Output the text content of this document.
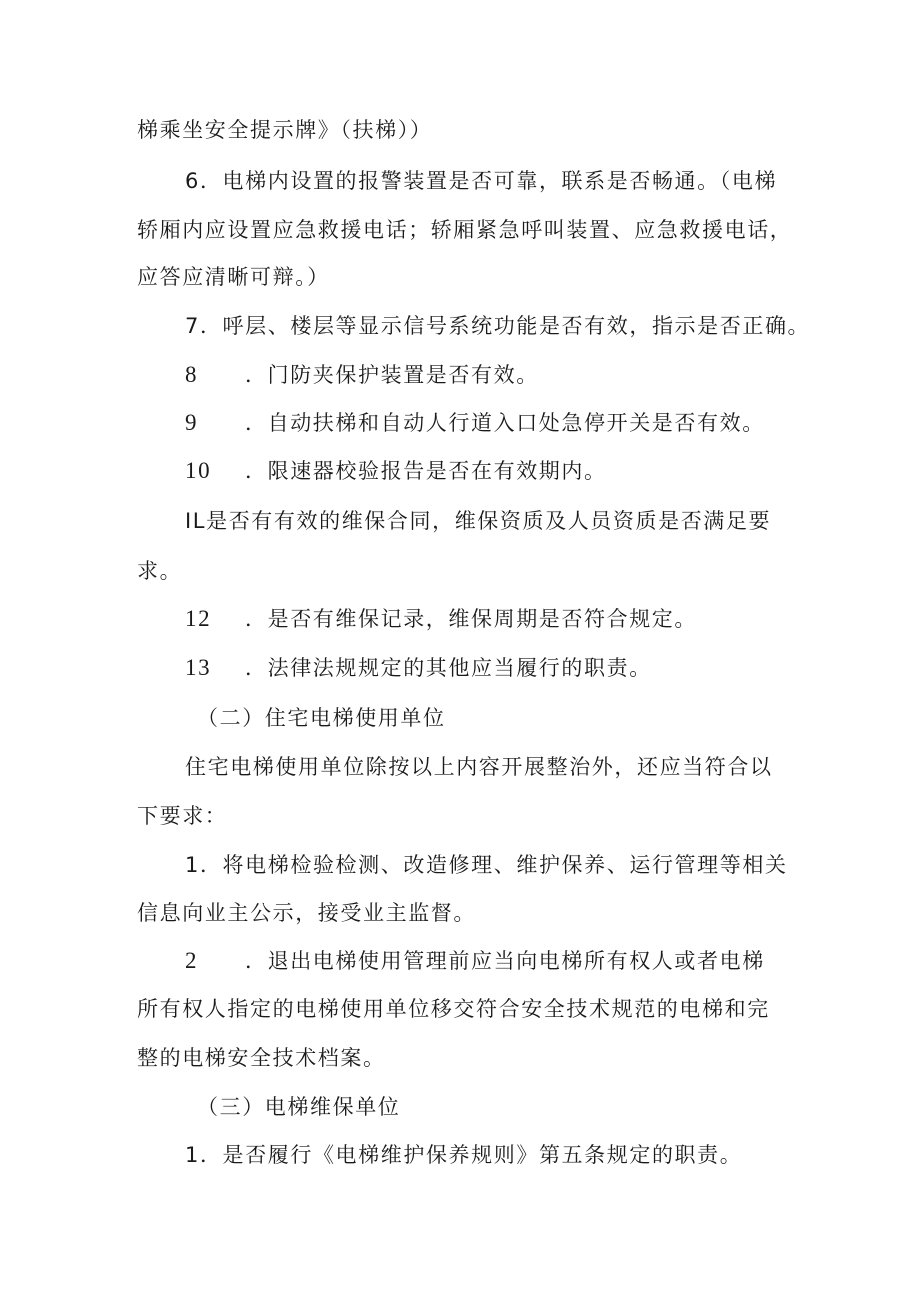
梯乘坐安全提示牌》（扶梯））
6．电梯内设置的报警装置是否可靠，联系是否畅通。（电梯
轿厢内应设置应急救援电话；轿厢紧急呼叫装置、应急救援电话，
应答应清晰可辩。）
7．呼层、楼层等显示信号系统功能是否有效，指示是否正确。
8 ．门防夹保护装置是否有效。
9 ．自动扶梯和自动人行道入口处急停开关是否有效。
10 ．限速器校验报告是否在有效期内。
IL是否有有效的维保合同，维保资质及人员资质是否满足要
求。
12 ．是否有维保记录，维保周期是否符合规定。
13 ．法律法规规定的其他应当履行的职责。
（二）住宅电梯使用单位
住宅电梯使用单位除按以上内容开展整治外，还应当符合以
下要求：
1．将电梯检验检测、改造修理、维护保养、运行管理等相关
信息向业主公示，接受业主监督。
2 ．退出电梯使用管理前应当向电梯所有权人或者电梯
所有权人指定的电梯使用单位移交符合安全技术规范的电梯和完
整的电梯安全技术档案。
（三）电梯维保单位
1．是否履行《电梯维护保养规则》第五条规定的职责。
